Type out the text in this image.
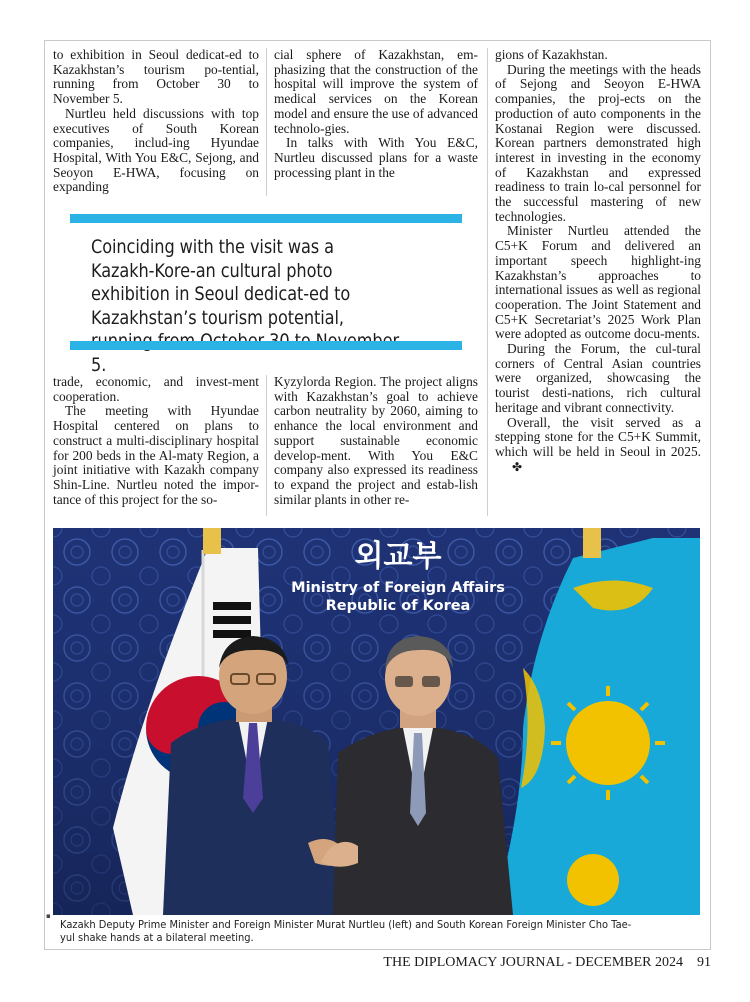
to exhibition in Seoul dedicat-ed to Kazakhstan’s tourism po-tential, running from October 30 to November 5.

Nurtleu held discussions with top executives of South Korean companies, includ-ing Hyundae Hospital, With You E&C, Sejong, and Seoyon E-HWA, focusing on expanding

cial sphere of Kazakhstan, em-phasizing that the construction of the hospital will improve the system of medical services on the Korean model and ensure the use of advanced technolo-gies.

In talks with With You E&C, Nurtleu discussed plans for a waste processing plant in the

gions of Kazakhstan.

During the meetings with the heads of Sejong and Seoyon E-HWA companies, the proj-ects on the production of auto components in the Kostanai Region were discussed. Korean partners demonstrated high interest in investing in the economy of Kazakhstan and expressed readiness to train lo-cal personnel for the successful mastering of new technologies.

Minister Nurtleu attended the C5+K Forum and delivered an important speech highlight-ing Kazakhstan’s approaches to international issues as well as regional cooperation. The Joint Statement and C5+K Secretariat’s 2025 Work Plan were adopted as outcome docu-ments.

During the Forum, the cul-tural corners of Central Asian countries were organized, showcasing the tourist desti-nations, rich cultural heritage and vibrant connectivity.

Overall, the visit served as a stepping stone for the C5+K Summit, which will be held in Seoul in 2025.✤

Coinciding with the visit was a Kazakh-Kore-an cultural photo exhibition in Seoul dedicat-ed to Kazakhstan’s tourism potential, 5.

trade, economic, and invest-ment cooperation.

The meeting with Hyundae Hospital centered on plans to construct a multi-disciplinary hospital for 200 beds in the Al-maty Region, a joint initiative with Kazakh company Shin-Line. Nurtleu noted the impor-tance of this project for the so-

Kyzylorda Region. The project aligns with Kazakhstan’s goal to achieve carbon neutrality by 2060, aiming to enhance the local environment and support sustainable economic develop-ment. With You E&C company also expressed its readiness to expand the project and estab-lish similar plants in other re-

외교부
Ministry of Foreign Affairs
Republic of Korea
▪

Kazakh Deputy Prime Minister and Foreign Minister Murat Nurtleu (left) and South Korean Foreign Minister Cho Tae-yul shake hands at a bilateral meeting.

THE DIPLOMACY JOURNAL - DECEMBER 2024 91
